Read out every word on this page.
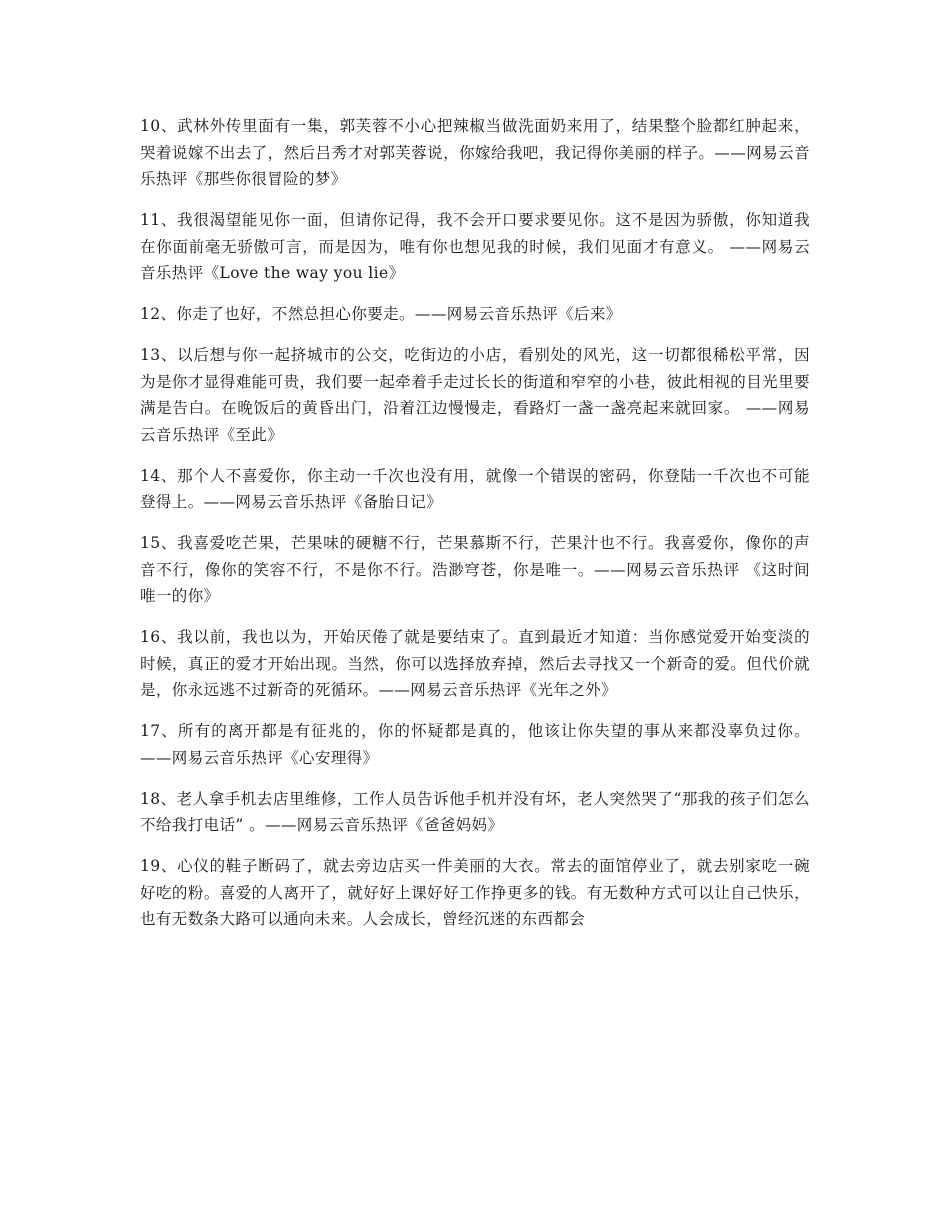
10、武林外传里面有一集，郭芙蓉不小心把辣椒当做洗面奶来用了，结果整个脸都红肿起来，哭着说嫁不出去了，然后吕秀才对郭芙蓉说，你嫁给我吧，我记得你美丽的样子。——网易云音乐热评《那些你很冒险的梦》

11、我很渴望能见你一面，但请你记得，我不会开口要求要见你。这不是因为骄傲，你知道我在你面前毫无骄傲可言，而是因为，唯有你也想见我的时候，我们见面才有意义。 ——网易云音乐热评《Love the way you lie》

12、你走了也好，不然总担心你要走。——网易云音乐热评《后来》

13、以后想与你一起挤城市的公交，吃街边的小店，看别处的风光，这一切都很稀松平常，因为是你才显得难能可贵，我们要一起牵着手走过长长的街道和窄窄的小巷，彼此相视的目光里要满是告白。在晚饭后的黄昏出门，沿着江边慢慢走，看路灯一盏一盏亮起来就回家。 ——网易云音乐热评《至此》

14、那个人不喜爱你，你主动一千次也没有用，就像一个错误的密码，你登陆一千次也不可能登得上。——网易云音乐热评《备胎日记》

15、我喜爱吃芒果，芒果味的硬糖不行，芒果慕斯不行，芒果汁也不行。我喜爱你，像你的声音不行，像你的笑容不行，不是你不行。浩渺穹苍，你是唯一。——网易云音乐热评 《这时间唯一的你》

16、我以前，我也以为，开始厌倦了就是要结束了。直到最近才知道：当你感觉爱开始变淡的时候，真正的爱才开始出现。当然，你可以选择放弃掉，然后去寻找又一个新奇的爱。但代价就是，你永远逃不过新奇的死循环。——网易云音乐热评《光年之外》

17、所有的离开都是有征兆的，你的怀疑都是真的，他该让你失望的事从来都没辜负过你。——网易云音乐热评《心安理得》

18、老人拿手机去店里维修，工作人员告诉他手机并没有坏，老人突然哭了“那我的孩子们怎么不给我打电话” 。——网易云音乐热评《爸爸妈妈》

19、心仪的鞋子断码了，就去旁边店买一件美丽的大衣。常去的面馆停业了，就去别家吃一碗好吃的粉。喜爱的人离开了，就好好上课好好工作挣更多的钱。有无数种方式可以让自己快乐，也有无数条大路可以通向未来。人会成长，曾经沉迷的东西都会
